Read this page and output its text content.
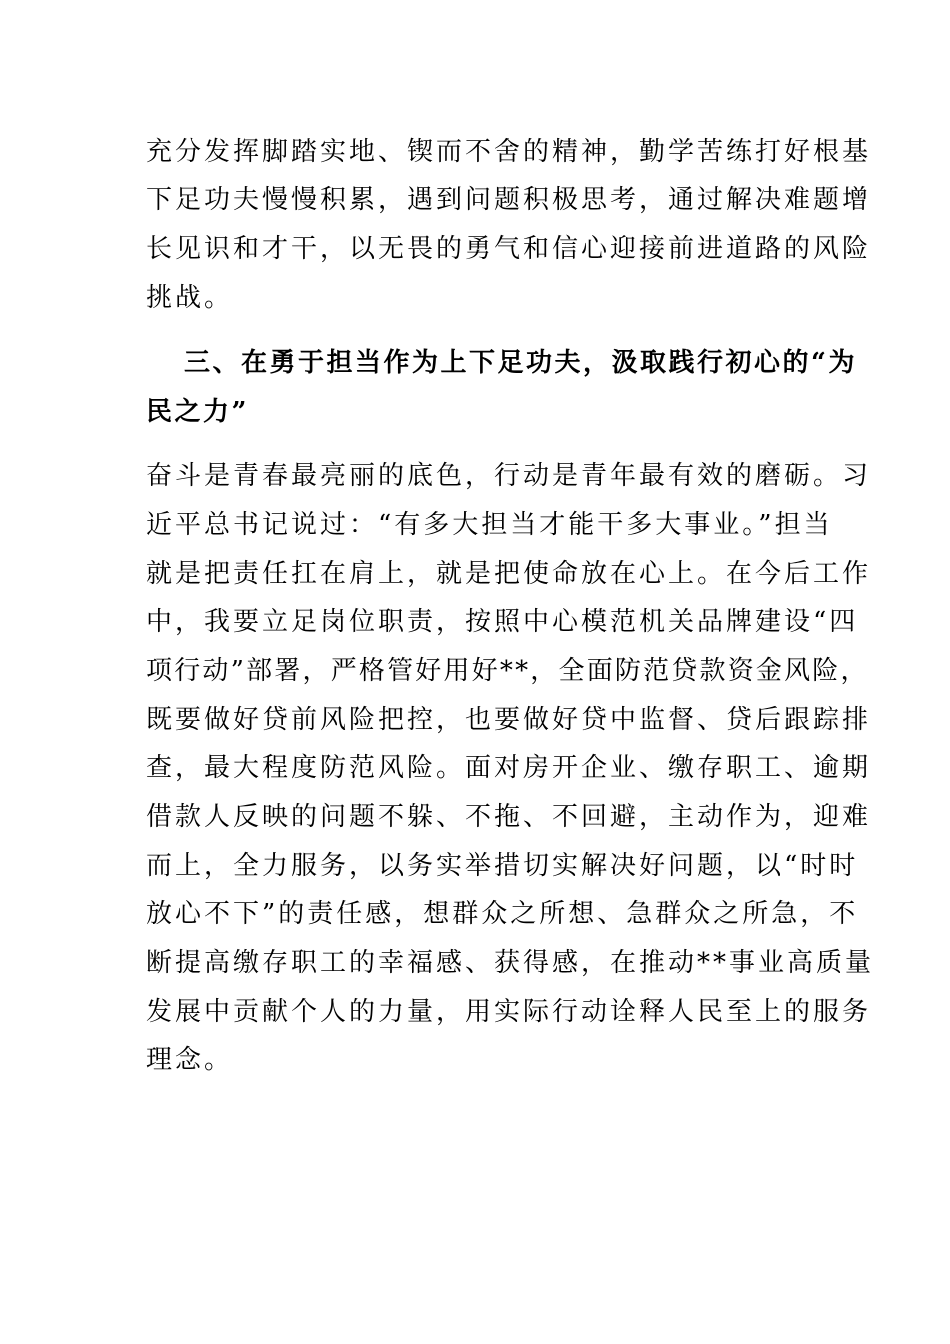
充分发挥脚踏实地、锲而不舍的精神，勤学苦练打好根基
下足功夫慢慢积累，遇到问题积极思考，通过解决难题增
长见识和才干，以无畏的勇气和信心迎接前进道路的风险
挑战。
三、在勇于担当作为上下足功夫，汲取践行初心的“为
民之力”
奋斗是青春最亮丽的底色，行动是青年最有效的磨砺。习
近平总书记说过：“有多大担当才能干多大事业。”担当
就是把责任扛在肩上，就是把使命放在心上。在今后工作
中，我要立足岗位职责，按照中心模范机关品牌建设“四
项行动”部署，严格管好用好**，全面防范贷款资金风险，
既要做好贷前风险把控，也要做好贷中监督、贷后跟踪排
查，最大程度防范风险。面对房开企业、缴存职工、逾期
借款人反映的问题不躲、不拖、不回避，主动作为，迎难
而上，全力服务，以务实举措切实解决好问题，以“时时
放心不下”的责任感，想群众之所想、急群众之所急，不
断提高缴存职工的幸福感、获得感，在推动**事业高质量
发展中贡献个人的力量，用实际行动诠释人民至上的服务
理念。
